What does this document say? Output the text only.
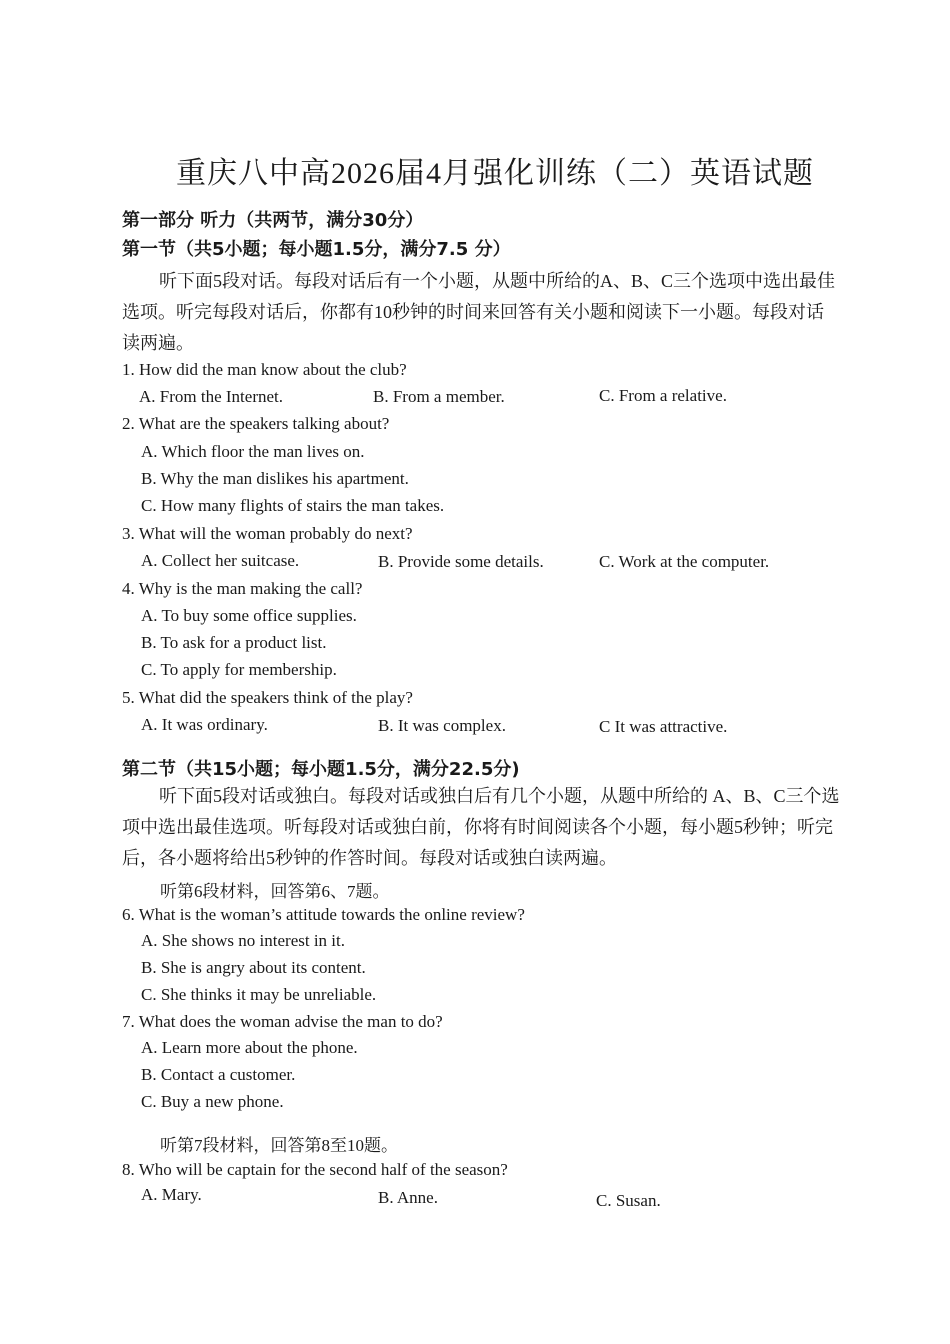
重庆八中高2026届4月强化训练（二）英语试题
第一部分 听力（共两节，满分30分）
第一节（共5小题；每小题1.5分，满分7.5 分）
听下面5段对话。每段对话后有一个小题，从题中所给的A、B、C三个选项中选出最佳选项。听完每段对话后，你都有10秒钟的时间来回答有关小题和阅读下一小题。每段对话读两遍。
1. How did the man know about the club?
A. From the Internet.	B. From a member.	C. From a relative.
2. What are the speakers talking about?
A. Which floor the man lives on.
B. Why the man dislikes his apartment.
C. How many flights of stairs the man takes.
3. What will the woman probably do next?
A. Collect her suitcase.	B. Provide some details.	C. Work at the computer.
4. Why is the man making the call?
A. To buy some office supplies.
B. To ask for a product list.
C. To apply for membership.
5. What did the speakers think of the play?
A. It was ordinary.	B. It was complex.	C It was attractive.
第二节（共15小题；每小题1.5分，满分22.5分)
听下面5段对话或独白。每段对话或独白后有几个小题，从题中所给的 A、B、C三个选项中选出最佳选项。听每段对话或独白前，你将有时间阅读各个小题，每小题5秒钟；听完后，各小题将给出5秒钟的作答时间。每段对话或独白读两遍。
听第6段材料，回答第6、7题。
6. What is the woman’s attitude towards the online review?
A. She shows no interest in it.
B. She is angry about its content.
C. She thinks it may be unreliable.
7. What does the woman advise the man to do?
A. Learn more about the phone.
B. Contact a customer.
C. Buy a new phone.
听第7段材料，回答第8至10题。
8. Who will be captain for the second half of the season?
A. Mary.	B. Anne.	C. Susan.
